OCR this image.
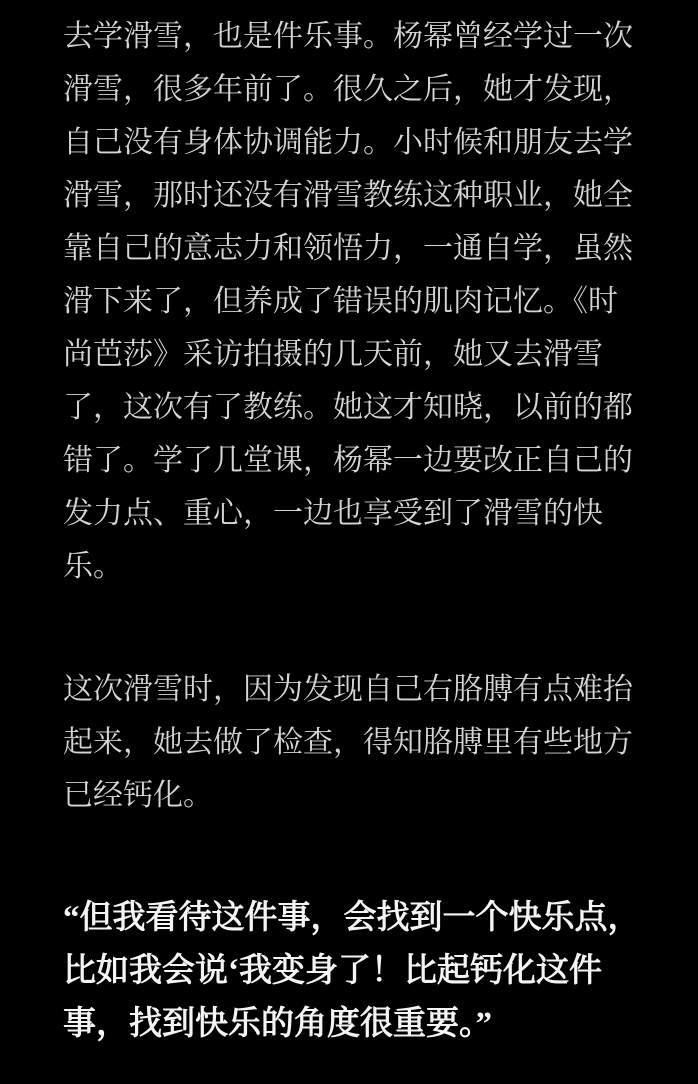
去学滑雪，也是件乐事。杨幂曾经学过一次
滑雪，很多年前了。很久之后，她才发现，
自己没有身体协调能力。小时候和朋友去学
滑雪，那时还没有滑雪教练这种职业，她全
靠自己的意志力和领悟力，一通自学，虽然
滑下来了，但养成了错误的肌肉记忆。《时
尚芭莎》采访拍摄的几天前，她又去滑雪
了，这次有了教练。她这才知晓，以前的都
错了。学了几堂课，杨幂一边要改正自己的
发力点、重心，一边也享受到了滑雪的快
乐。
这次滑雪时，因为发现自己右胳膊有点难抬
起来，她去做了检查，得知胳膊里有些地方
已经钙化。
“但我看待这件事，会找到一个快乐点，
比如我会说‘我变身了！比起钙化这件
事，找到快乐的角度很重要。”
